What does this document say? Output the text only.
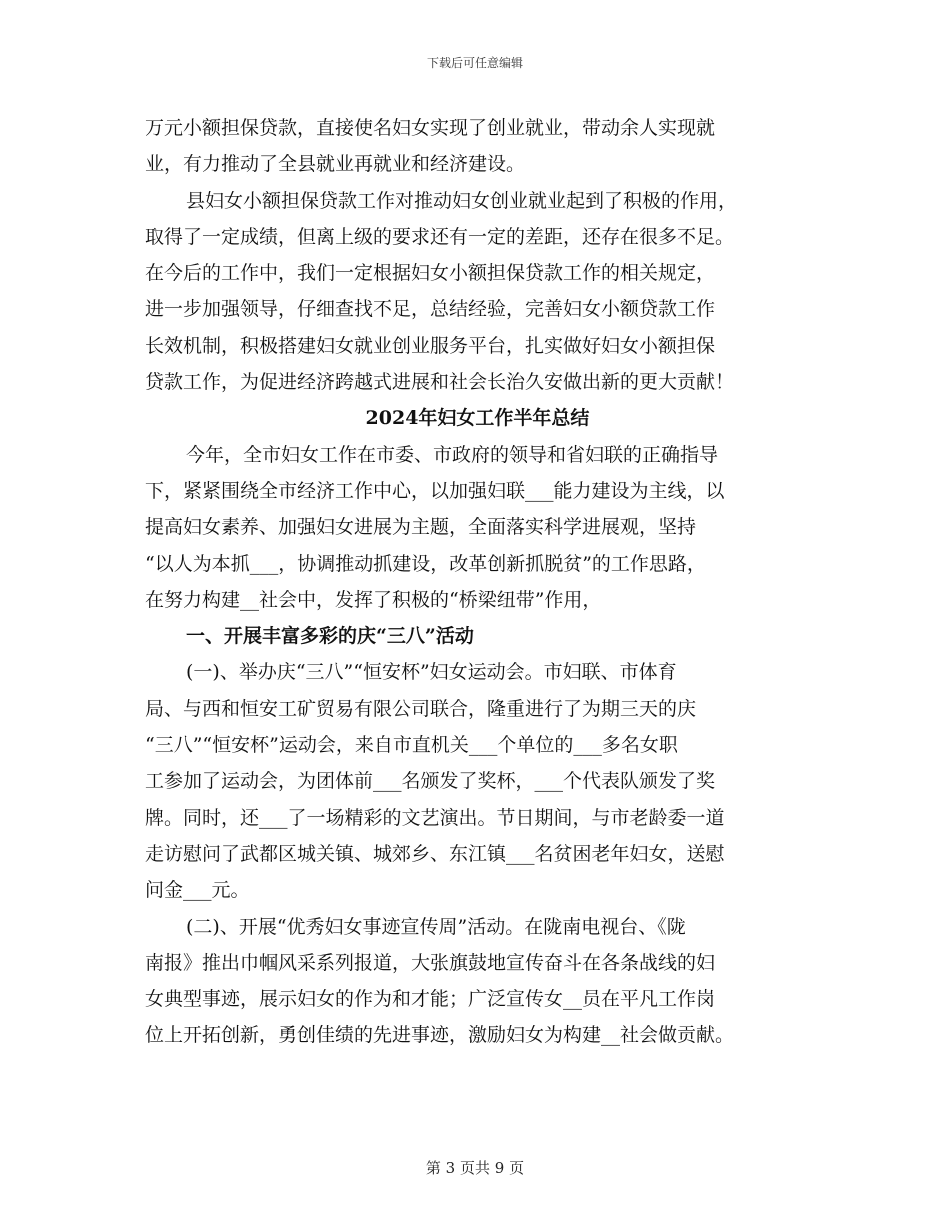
下载后可任意编辑
万元小额担保贷款，直接使名妇女实现了创业就业，带动余人实现就
业，有力推动了全县就业再就业和经济建设。
县妇女小额担保贷款工作对推动妇女创业就业起到了积极的作用，
取得了一定成绩，但离上级的要求还有一定的差距，还存在很多不足。
在今后的工作中，我们一定根据妇女小额担保贷款工作的相关规定，
进一步加强领导，仔细查找不足，总结经验，完善妇女小额贷款工作
长效机制，积极搭建妇女就业创业服务平台，扎实做好妇女小额担保
贷款工作，为促进经济跨越式进展和社会长治久安做出新的更大贡献！
2024年妇女工作半年总结
今年，全市妇女工作在市委、市政府的领导和省妇联的正确指导
下，紧紧围绕全市经济工作中心，以加强妇联___能力建设为主线，以
提高妇女素养、加强妇女进展为主题，全面落实科学进展观，坚持
“以人为本抓___，协调推动抓建设，改革创新抓脱贫”的工作思路，
在努力构建__社会中，发挥了积极的“桥梁纽带”作用，
一、开展丰富多彩的庆“三八”活动
(一)、举办庆“三八”“恒安杯”妇女运动会。市妇联、市体育
局、与西和恒安工矿贸易有限公司联合，隆重进行了为期三天的庆
“三八”“恒安杯”运动会，来自市直机关___个单位的___多名女职
工参加了运动会，为团体前___名颁发了奖杯，___个代表队颁发了奖
牌。同时，还___了一场精彩的文艺演出。节日期间，与市老龄委一道
走访慰问了武都区城关镇、城郊乡、东江镇___名贫困老年妇女，送慰
问金___元。
(二)、开展“优秀妇女事迹宣传周”活动。在陇南电视台、《陇
南报》推出巾帼风采系列报道，大张旗鼓地宣传奋斗在各条战线的妇
女典型事迹，展示妇女的作为和才能；广泛宣传女__员在平凡工作岗
位上开拓创新，勇创佳绩的先进事迹，激励妇女为构建__社会做贡献。
第 3 页共 9 页
